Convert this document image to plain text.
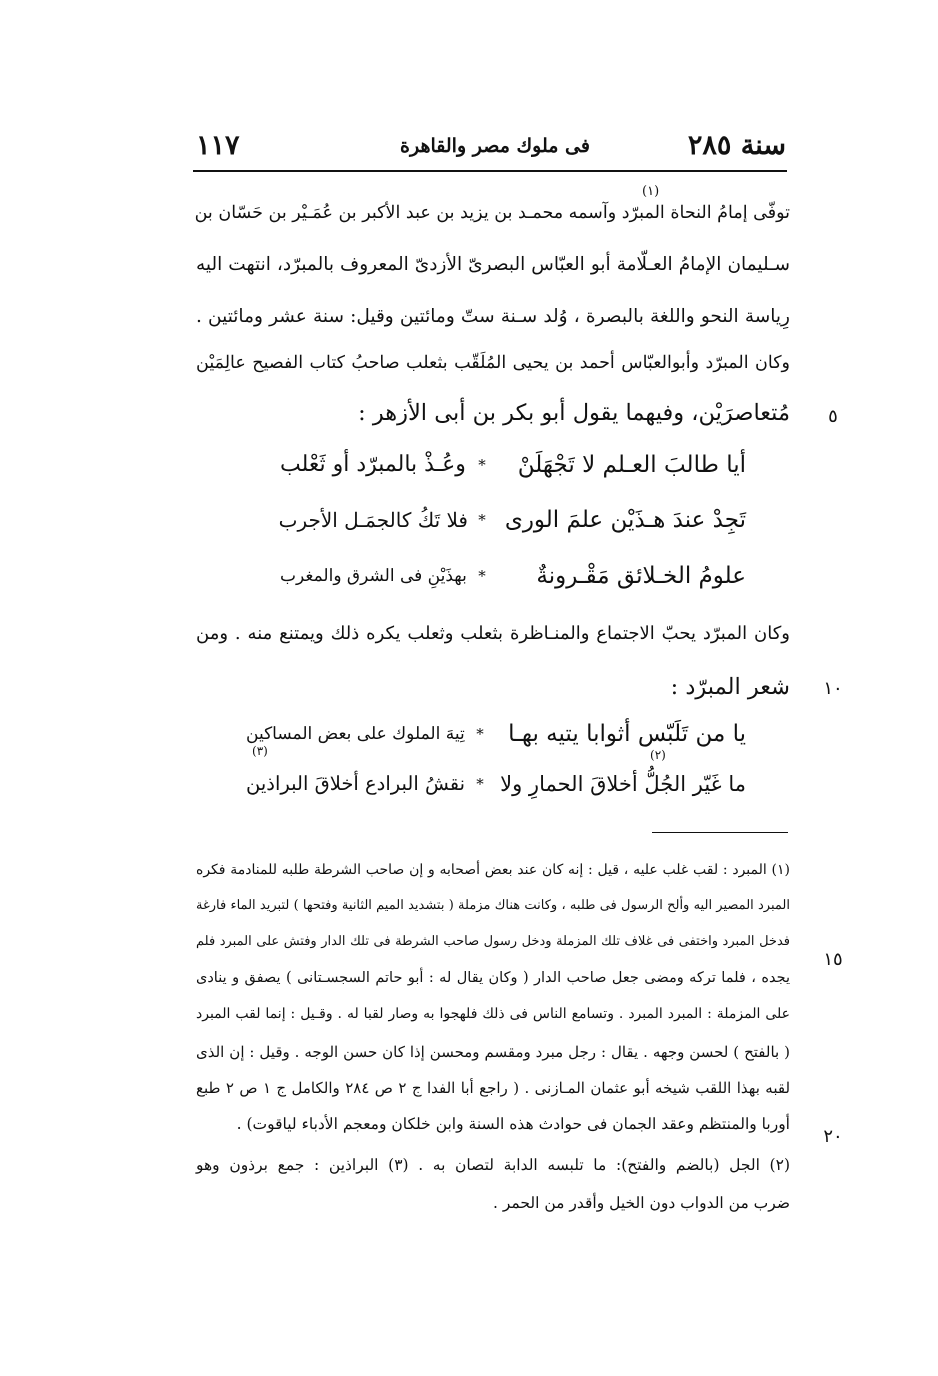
١١٧	فى ملوك مصر والقاهرة	سنة ٢٨٥
(١)
توفّى إمامُ النحاة المبرّد وآسمه محمـد بن يزيد بن عبد الأكبر بن عُمَـيْر بن حَسّان بن
سـليمان الإمامُ العـلّامة أبو العبّاس البصرىّ الأزدىّ المعروف بالمبرّد، انتهت اليه
رِياسة النحو واللغة بالبصرة ، وُلد سـنة ستّ ومائتين وقيل: سنة عشر ومائتين .
وكان المبرّد وأبوالعبّاس أحمد بن يحيى المُلَقّب بثعلب صاحبُ كتاب الفصيح عالِمَيْن
مُتعاصرَيْن، وفيهما يقول أبو بكر بن أبى الأزهر :
أيا طالبَ العـلم لا تَجْهَلَنْ
*
وعُـذْ بالمبرّد أو ثَعْلب
تَجِدْ عندَ هـذَيْن علمَ الورى
*
فلا تَكُ كالجمَـل الأجرب
علومُ الخـلائق مَقْـرونةٌ
*
بهذَيْنِ فى الشرق والمغرب
وكان المبرّد يحبّ الاجتماع والمنـاظرة بثعلب وثعلب يكره ذلك ويمتنع منه . ومن
شعر المبرّد :
يا من تَلَبّس أثوابا يتيه بهـا
*
تِيهَ الملوك على بعض المساكين
(٣)	(٢)
ما غَيّر الجُلُّ أخلاقَ الحمارِ ولا
*
نقشُ البرادع أخلاقَ البراذين
٥
١٠
١٥
٢٠
(١) المبرد : لقب غلب عليه ، قيل : إنه كان عند بعض أصحابه و إن صاحب الشرطة طلبه للمنادمة فكره
المبرد المصير اليه وألح الرسول فى طلبه ، وكانت هناك مزملة ( بتشديد الميم الثانية وفتحها ) لتبريد الماء فارغة
فدخل المبرد واختفى فى غلاف تلك المزملة ودخل رسول صاحب الشرطة فى تلك الدار وفتش على المبرد فلم
يجده ، فلما تركه ومضى جعل صاحب الدار ( وكان يقال له : أبو حاتم السجسـتانى ) يصفق و ينادى
على المزملة : المبرد المبرد . وتسامع الناس فى ذلك فلهجوا به وصار لقبا له . وقـيل : إنما لقب المبرد
( بالفتح ) لحسن وجهه . يقال : رجل مبرد ومقسم ومحسن إذا كان حسن الوجه . وقيل : إن الذى
لقبه بهذا اللقب شيخه أبو عثمان المـازنى . ( راجع أبا الفدا ج ٢ ص ٢٨٤ والكامل ج ١ ص ٢ طبع
أوربا والمنتظم وعقد الجمان فى حوادث هذه السنة وابن خلكان ومعجم الأدباء لياقوت) .
(٢) الجل (بالضم والفتح): ما تلبسه الدابة لتصان به . (٣) البراذين : جمع برذون وهو
ضرب من الدواب دون الخيل وأقدر من الحمر .
